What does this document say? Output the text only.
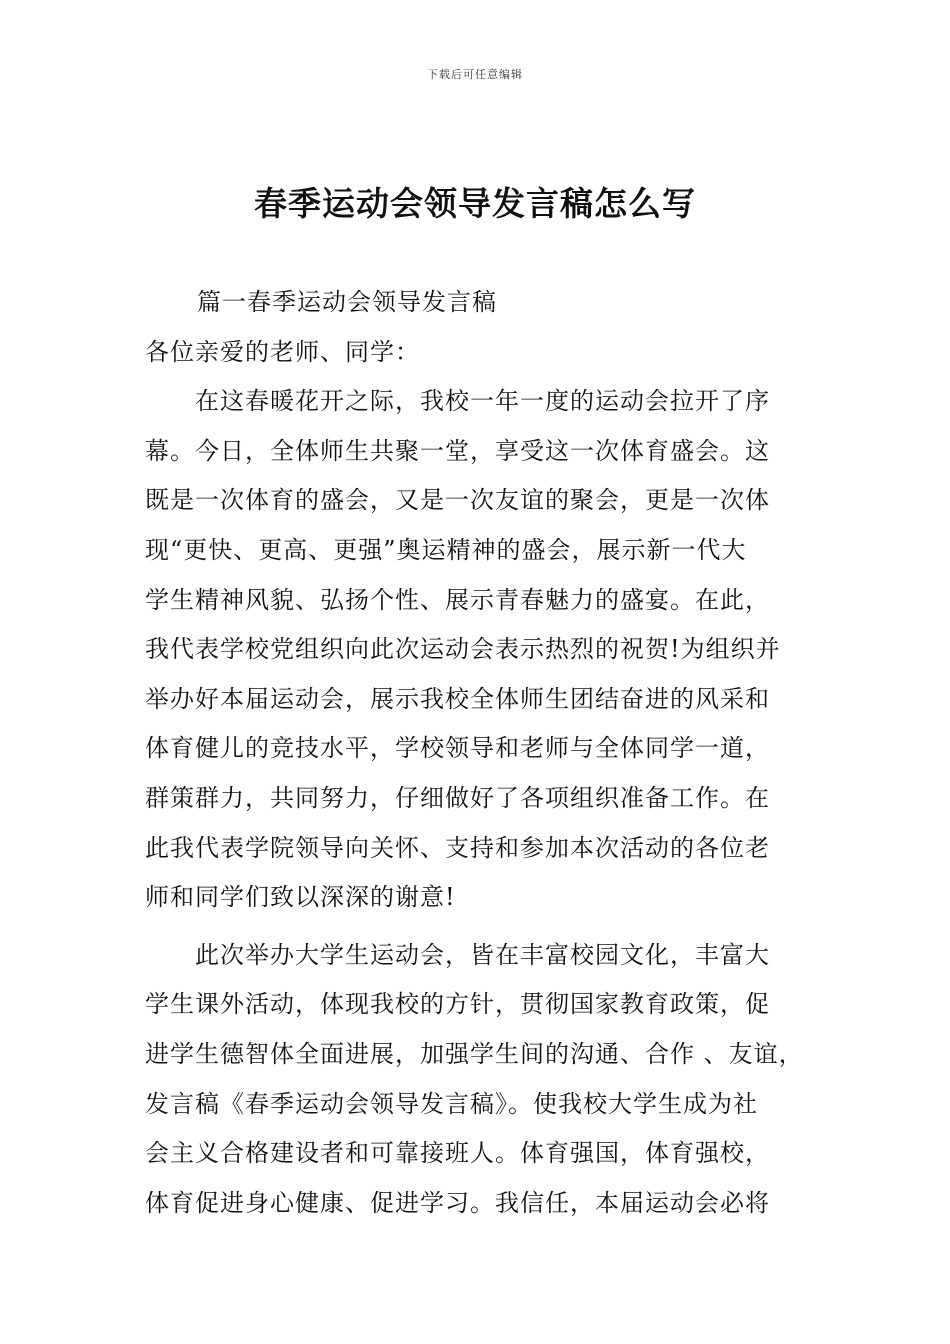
下载后可任意编辑
春季运动会领导发言稿怎么写
篇一春季运动会领导发言稿
各位亲爱的老师、同学：
在这春暖花开之际，我校一年一度的运动会拉开了序
幕。今日，全体师生共聚一堂，享受这一次体育盛会。这
既是一次体育的盛会，又是一次友谊的聚会，更是一次体
现“更快、更高、更强”奥运精神的盛会，展示新一代大
学生精神风貌、弘扬个性、展示青春魅力的盛宴。在此，
我代表学校党组织向此次运动会表示热烈的祝贺!为组织并
举办好本届运动会，展示我校全体师生团结奋进的风采和
体育健儿的竞技水平，学校领导和老师与全体同学一道，
群策群力，共同努力，仔细做好了各项组织准备工作。在
此我代表学院领导向关怀、支持和参加本次活动的各位老
师和同学们致以深深的谢意!
此次举办大学生运动会，皆在丰富校园文化，丰富大
学生课外活动，体现我校的方针，贯彻国家教育政策，促
进学生德智体全面进展，加强学生间的沟通、合作 、友谊，
发言稿《春季运动会领导发言稿》。使我校大学生成为社
会主义合格建设者和可靠接班人。体育强国，体育强校，
体育促进身心健康、促进学习。我信任，本届运动会必将
